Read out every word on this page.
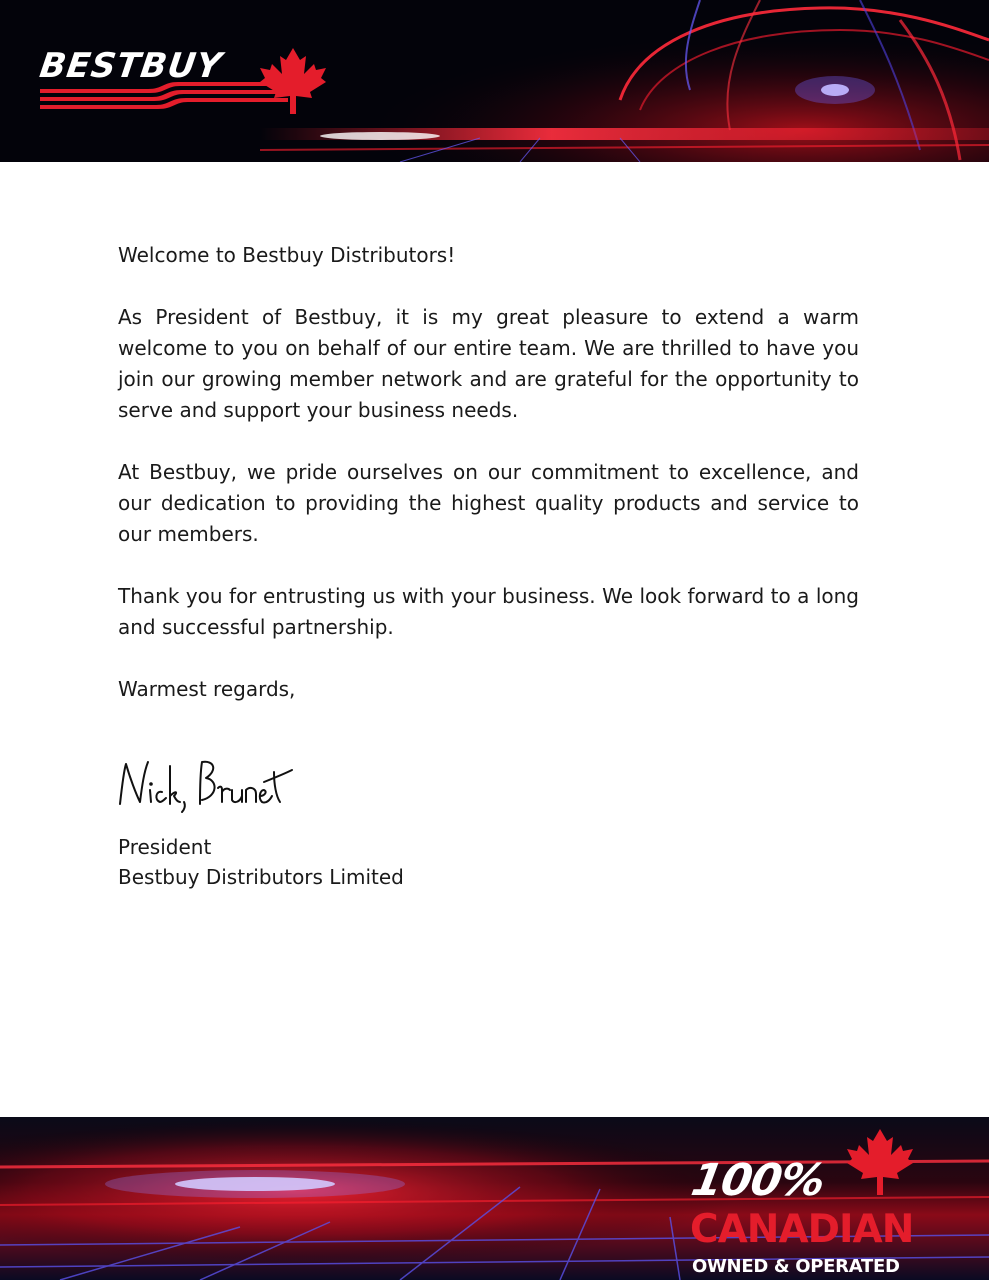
BESTBUY

Welcome to Bestbuy Distributors!

As President of Bestbuy, it is my great pleasure to extend a warm welcome to you on behalf of our entire team. We are thrilled to have you join our growing member network and are grateful for the opportunity to serve and support your business needs.

At Bestbuy, we pride ourselves on our commitment to excellence, and our dedication to providing the highest quality products and service to our members.

Thank you for entrusting us with your business. We look forward to a long and successful partnership.

Warmest regards,

President
Bestbuy Distributors Limited
100%
CANADIAN
OWNED & OPERATED
